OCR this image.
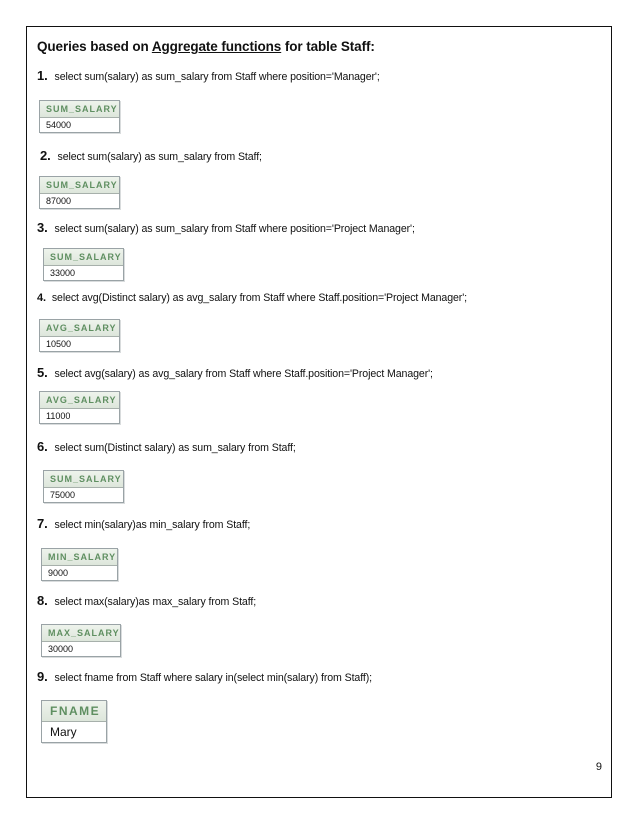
Queries based on Aggregate functions for table Staff:
1. select sum(salary) as sum_salary from Staff where position='Manager';
SUM_SALARY
54000
2. select sum(salary) as sum_salary from Staff;
SUM_SALARY
87000
3. select sum(salary) as sum_salary from Staff where position='Project Manager';
SUM_SALARY
33000
4. select avg(Distinct salary) as avg_salary from Staff where Staff.position='Project Manager';
AVG_SALARY
10500
5. select avg(salary) as avg_salary from Staff where Staff.position='Project Manager';
AVG_SALARY
11000
6. select sum(Distinct salary) as sum_salary from Staff;
SUM_SALARY
75000
7. select min(salary)as min_salary from Staff;
MIN_SALARY
9000
8. select max(salary)as max_salary from Staff;
MAX_SALARY
30000
9. select fname from Staff where salary in(select min(salary) from Staff);
FNAME
Mary
9
